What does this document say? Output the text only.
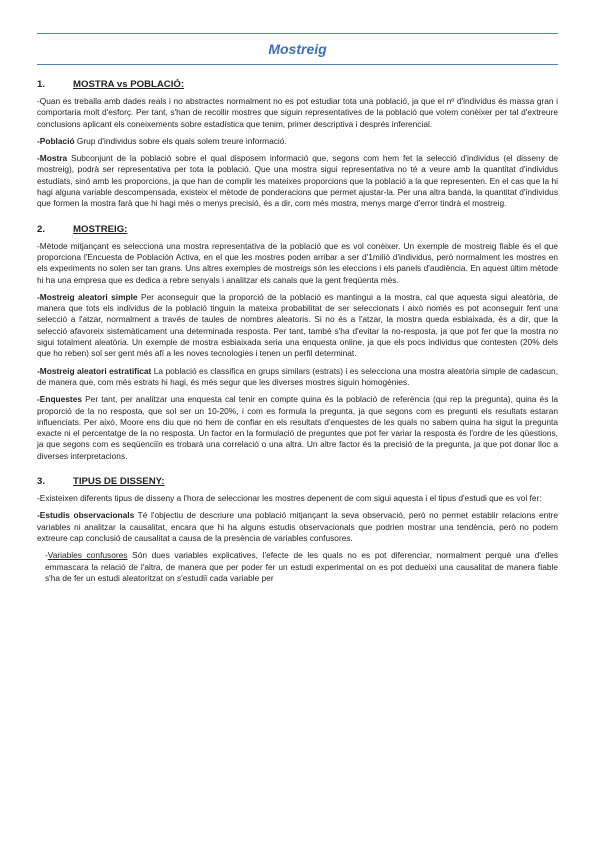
Mostreig
1.	MOSTRA vs POBLACIÓ:

-Quan es treballa amb dades reals i no abstractes normalment no es pot estudiar tota una població, ja que el nº d'individus és massa gran i comportaria molt d'esforç. Per tant, s'han de recollir mostres que siguin representatives de la població que volem conèixer per tal d'extreure conclusions aplicant els coneixements sobre estadística que tenim, primer descriptiva i després inferencial.

-Població Grup d'individus sobre els quals solem treure informació.

-Mostra Subconjunt de la població sobre el qual disposem informació que, segons com hem fet la selecció d'individus (el disseny de mostreig), podrà ser representativa per tota la població. Que una mostra sigui representativa no té a veure amb la quantitat d'individus estudiats, sinó amb les proporcions, ja que han de complir les mateixes proporcions que la població a la que representen. En el cas que la hi hagi alguna variable descompensada, existeix el mètode de ponderacions que permet ajustar-la. Per una altra banda, la quantitat d'individus que formen la mostra farà que hi hagi més o menys precisió, és a dir, com més mostra, menys marge d'error tindrà el mostreig.

2.	MOSTREIG:

-Mètode mitjançant es selecciona una mostra representativa de la població que es vol conèixer. Un exemple de mostreig fiable és el que proporciona l'Encuesta de Población Activa, en el que les mostres poden arribar a ser d'1milió d'individus, però normalment les mostres en els experiments no solen ser tan grans. Uns altres exemples de mostreigs són les eleccions i els panels d'audiència. En aquest últim mètode hi ha una empresa que es dedica a rebre senyals i analitzar els canals que la gent freqüenta més.

-Mostreig aleatori simple Per aconseguir que la proporció de la població es mantingui a la mostra, cal que aquesta sigui aleatòria, de manera que tots els individus de la població tinguin la mateixa probabilitat de ser seleccionats i això només es pot aconseguir fent una selecció a l'atzar, normalment a través de taules de nombres aleatoris. Si no és a l'atzar, la mostra queda esbiaixada, és a dir, que la selecció afavoreix sistemàticament una determinada resposta. Per tant, també s'ha d'evitar la no-resposta, ja que pot fer que la mostra no sigui totalment aleatòria. Un exemple de mostra esbiaixada seria una enquesta online, ja que els pocs individus que contesten (20% dels que ho reben) sol ser gent més afí a les noves tecnologies i tenen un perfil determinat.

-Mostreig aleatori estratificat La població es classifica en grups similars (estrats) i es selecciona una mostra aleatòria simple de cadascun, de manera que, com més estrats hi hagi, és més segur que les diverses mostres siguin homogènies.

-Enquestes Per tant, per analitzar una enquesta cal tenir en compte quina és la població de referència (qui rep la pregunta), quina és la proporció de la no resposta, que sol ser un 10-20%, i com es formula la pregunta, ja que segons com es pregunti els resultats estaran influenciats. Per això, Moore ens diu que no hem de confiar en els resultats d'enquestes de les quals no sabem quina ha sigut la pregunta exacte ni el percentatge de la no resposta. Un factor en la formulació de preguntes que pot fer variar la resposta és l'ordre de les qüestions, ja que segons com es seqüenciïn es trobarà una correlació o una altra. Un altre factor és la precisió de la pregunta, ja que pot donar lloc a diverses interpretacions.

3.	TIPUS DE DISSENY:

-Existeixen diferents tipus de disseny a l'hora de seleccionar les mostres depenent de com sigui aquesta i el tipus d'estudi que es vol fer:

-Estudis observacionals Té l'objectiu de descriure una població mitjançant la seva observació, però no permet establir relacions entre variables ni analitzar la causalitat, encara que hi ha alguns estudis observacionals que podrien mostrar una tendència, però no podem extreure cap conclusió de causalitat a causa de la presència de variables confusores.

-Variables confusores Són dues variables explicatives, l'efecte de les quals no es pot diferenciar, normalment perquè una d'elles emmascara la relació de l'altra, de manera que per poder fer un estudi experimental on es pot dedueixi una causalitat de manera fiable s'ha de fer un estudi aleatoritzat on s'estudiï cada variable per
